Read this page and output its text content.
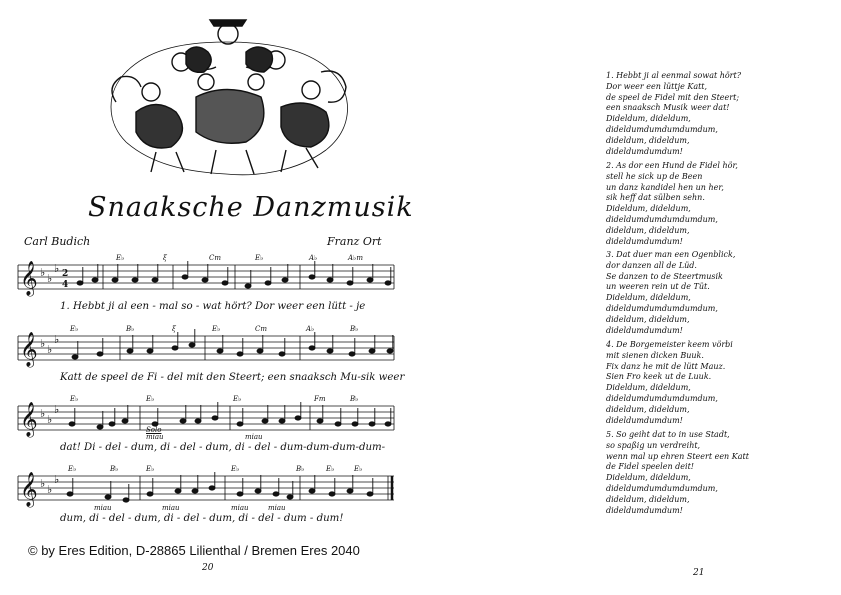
Snaaksche Danzmusik
Carl Budich	Franz Ort
𝄞 ♭ ♭
♭ 2
4
𝄞 ♭ ♭
♭
𝄞 ♭ ♭
♭
𝄞 ♭ ♭
♭
E♭	ξ	Cm	E♭	A♭	A♭m
E♭	B♭	ξ	E♭	Cm	A♭	B♭
E♭	E♭	E♭	Fm	B♭
E♭	B♭	E♭	E♭	B♭	E♭	E♭
1. Hebbt ji al een - mal so - wat hört? Dor weer een lütt - je
Katt de speel de Fi - del mit den Steert; een snaaksch Mu-sik weer
dat! Di - del - dum, di - del - dum, di - del - dum-dum-dum-dum-
dum, di - del - dum, di - del - dum, di - del - dum - dum!
Solo
miau	miau
miau	miau	miau	miau
© by Eres Edition, D-28865 Lilienthal / Bremen Eres 2040
20
1. Hebbt ji al eenmal sowat hört?
Dor weer een lüttje Katt,
de speel de Fidel mit den Steert;
een snaaksch Musik weer dat!
Dideldum, dideldum,
dideldumdumdumdumdum,
dideldum, dideldum,
dideldumdumdum!
2. As dor een Hund de Fidel hör,
stell he sick up de Been
un danz kandidel hen un her,
sik heff dat sülben sehn.
Dideldum, dideldum,
dideldumdumdumdumdum,
dideldum, dideldum,
dideldumdumdum!
3. Dat duer man een Ogenblick,
dor danzen all de Lüd.
Se danzen to de Steertmusik
un weeren rein ut de Tüt.
Dideldum, dideldum,
dideldumdumdumdumdum,
dideldum, dideldum,
dideldumdumdum!
4. De Borgemeister keem vörbi
mit sienen dicken Buuk.
Fix danz he mit de lütt Mauz.
Sien Fro keek ut de Luuk.
Dideldum, dideldum,
dideldumdumdumdumdum,
dideldum, dideldum,
dideldumdumdum!
5. So geiht dat to in use Stadt,
so spaßig un verdreiht,
wenn mal up ehren Steert een Katt
de Fidel speelen deit!
Dideldum, dideldum,
dideldumdumdumdumdum,
dideldum, dideldum,
dideldumdumdum!
21
